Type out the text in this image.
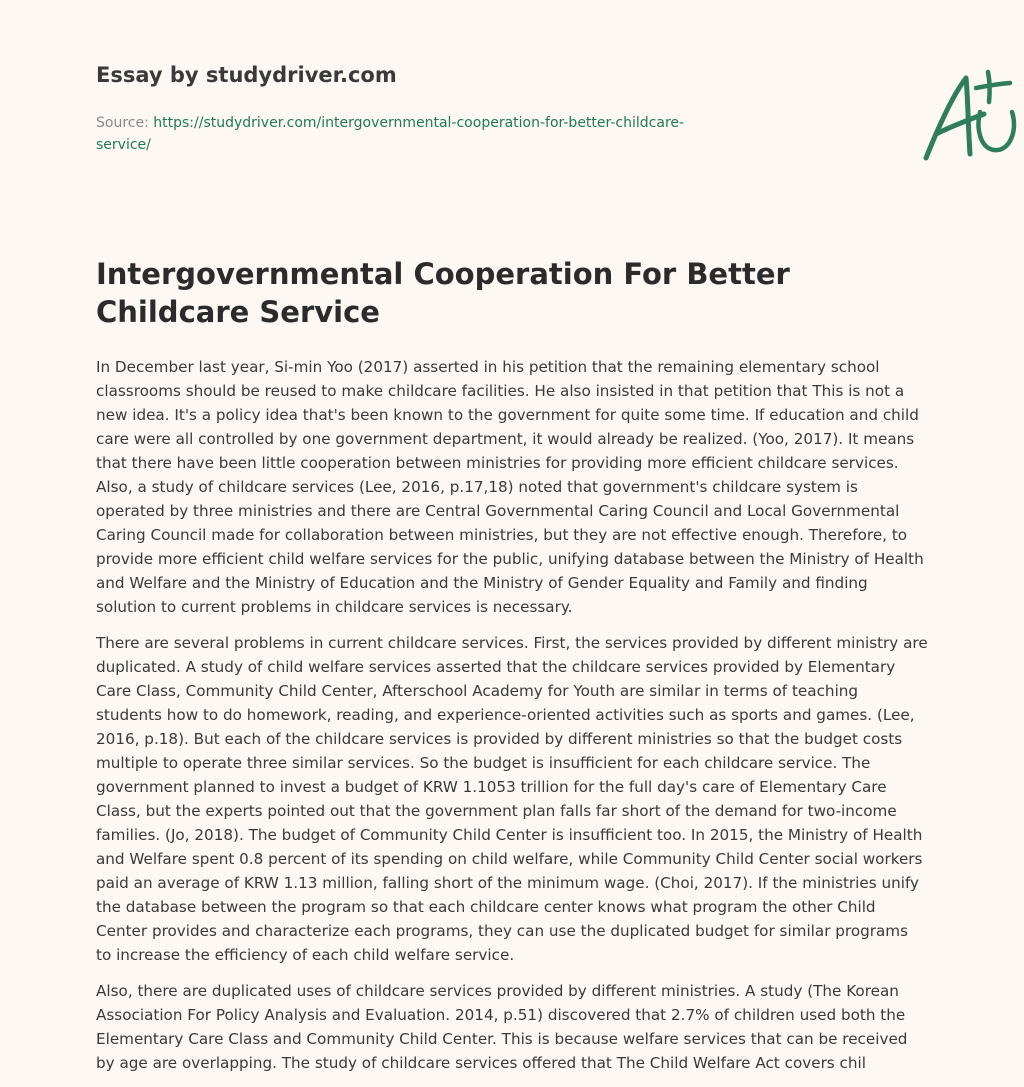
Essay by studydriver.com
Source: https://studydriver.com/intergovernmental-cooperation-for-better-childcare-service/
Intergovernmental Cooperation For Better Childcare Service

In December last year, Si-min Yoo (2017) asserted in his petition that the remaining elementary school classrooms should be reused to make childcare facilities. He also insisted in that petition that This is not a new idea. It's a policy idea that's been known to the government for quite some time. If education and child care were all controlled by one government department, it would already be realized. (Yoo, 2017). It means that there have been little cooperation between ministries for providing more efficient childcare services. Also, a study of childcare services (Lee, 2016, p.17,18) noted that government's childcare system is operated by three ministries and there are Central Governmental Caring Council and Local Governmental Caring Council made for collaboration between ministries, but they are not effective enough. Therefore, to provide more efficient child welfare services for the public, unifying database between the Ministry of Health and Welfare and the Ministry of Education and the Ministry of Gender Equality and Family and finding solution to current problems in childcare services is necessary.

There are several problems in current childcare services. First, the services provided by different ministry are duplicated. A study of child welfare services asserted that the childcare services provided by Elementary Care Class, Community Child Center, Afterschool Academy for Youth are similar in terms of teaching students how to do homework, reading, and experience-oriented activities such as sports and games. (Lee, 2016, p.18). But each of the childcare services is provided by different ministries so that the budget costs multiple to operate three similar services. So the budget is insufficient for each childcare service. The government planned to invest a budget of KRW 1.1053 trillion for the full day's care of Elementary Care Class, but the experts pointed out that the government plan falls far short of the demand for two-income families. (Jo, 2018). The budget of Community Child Center is insufficient too. In 2015, the Ministry of Health and Welfare spent 0.8 percent of its spending on child welfare, while Community Child Center social workers paid an average of KRW 1.13 million, falling short of the minimum wage. (Choi, 2017). If the ministries unify the database between the program so that each childcare center knows what program the other Child Center provides and characterize each programs, they can use the duplicated budget for similar programs to increase the efficiency of each child welfare service.

Also, there are duplicated uses of childcare services provided by different ministries. A study (The Korean Association For Policy Analysis and Evaluation. 2014, p.51) discovered that 2.7% of children used both the Elementary Care Class and Community Child Center. This is because welfare services that can be received by age are overlapping. The study of childcare services offered that The Child Welfare Act covers chil
